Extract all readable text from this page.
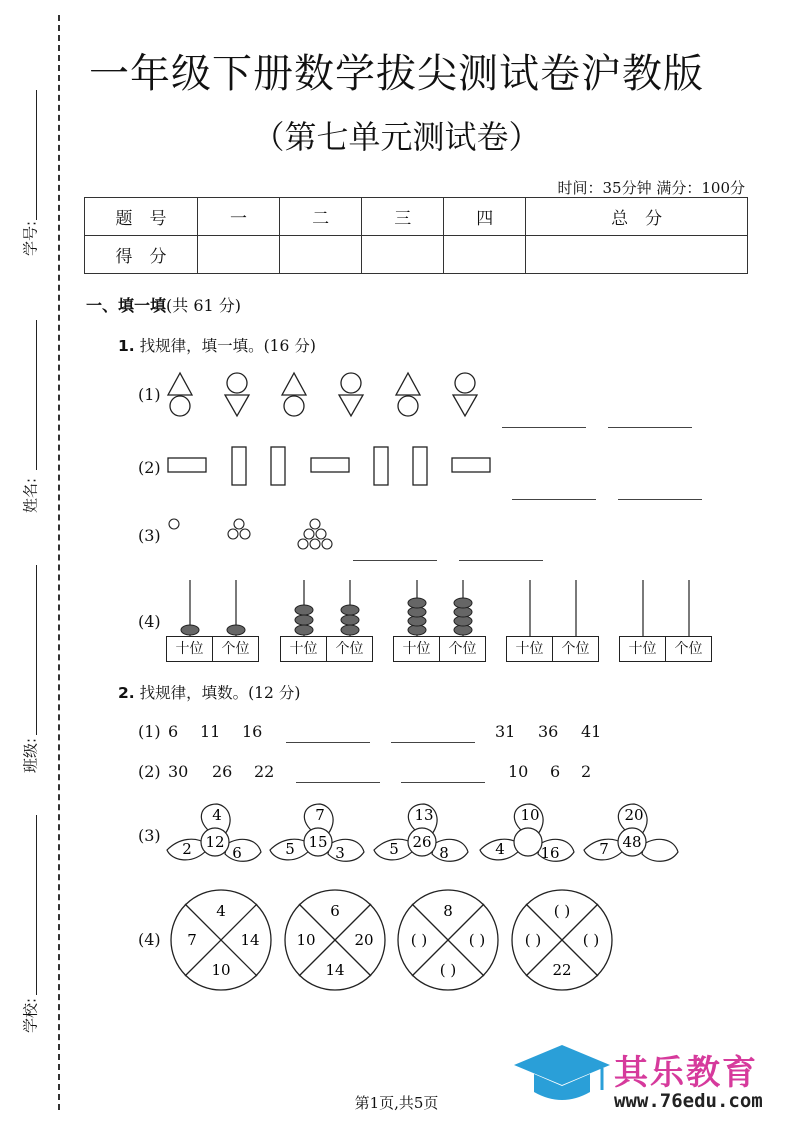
学号:
姓名:
班级:
学校:
一年级下册数学拔尖测试卷沪教版
（第七单元测试卷）
时间：35分钟 满分：100分
题　号	一	二	三	四	总　分
得　分					
一、填一填(共 61 分)
1. 找规律，填一填。(16 分)
(1)
(2)
(3)
(4)
十位	个位	十位	个位	十位	个位	十位	个位	十位	个位
2. 找规律，填数。(12 分)
(1) 6 11 16	31 36 41
(2) 30 26 22	10 6 2
(3)
4
2	6
12
7
5	3
15
13
5	8
26
10
4 16
20
7 48
(4)
4
7	14
10
6
10	20
14
8
( )	( )
( )
( )
( )	( )
22
第1页,共5页
其乐教育
www.76edu.com
